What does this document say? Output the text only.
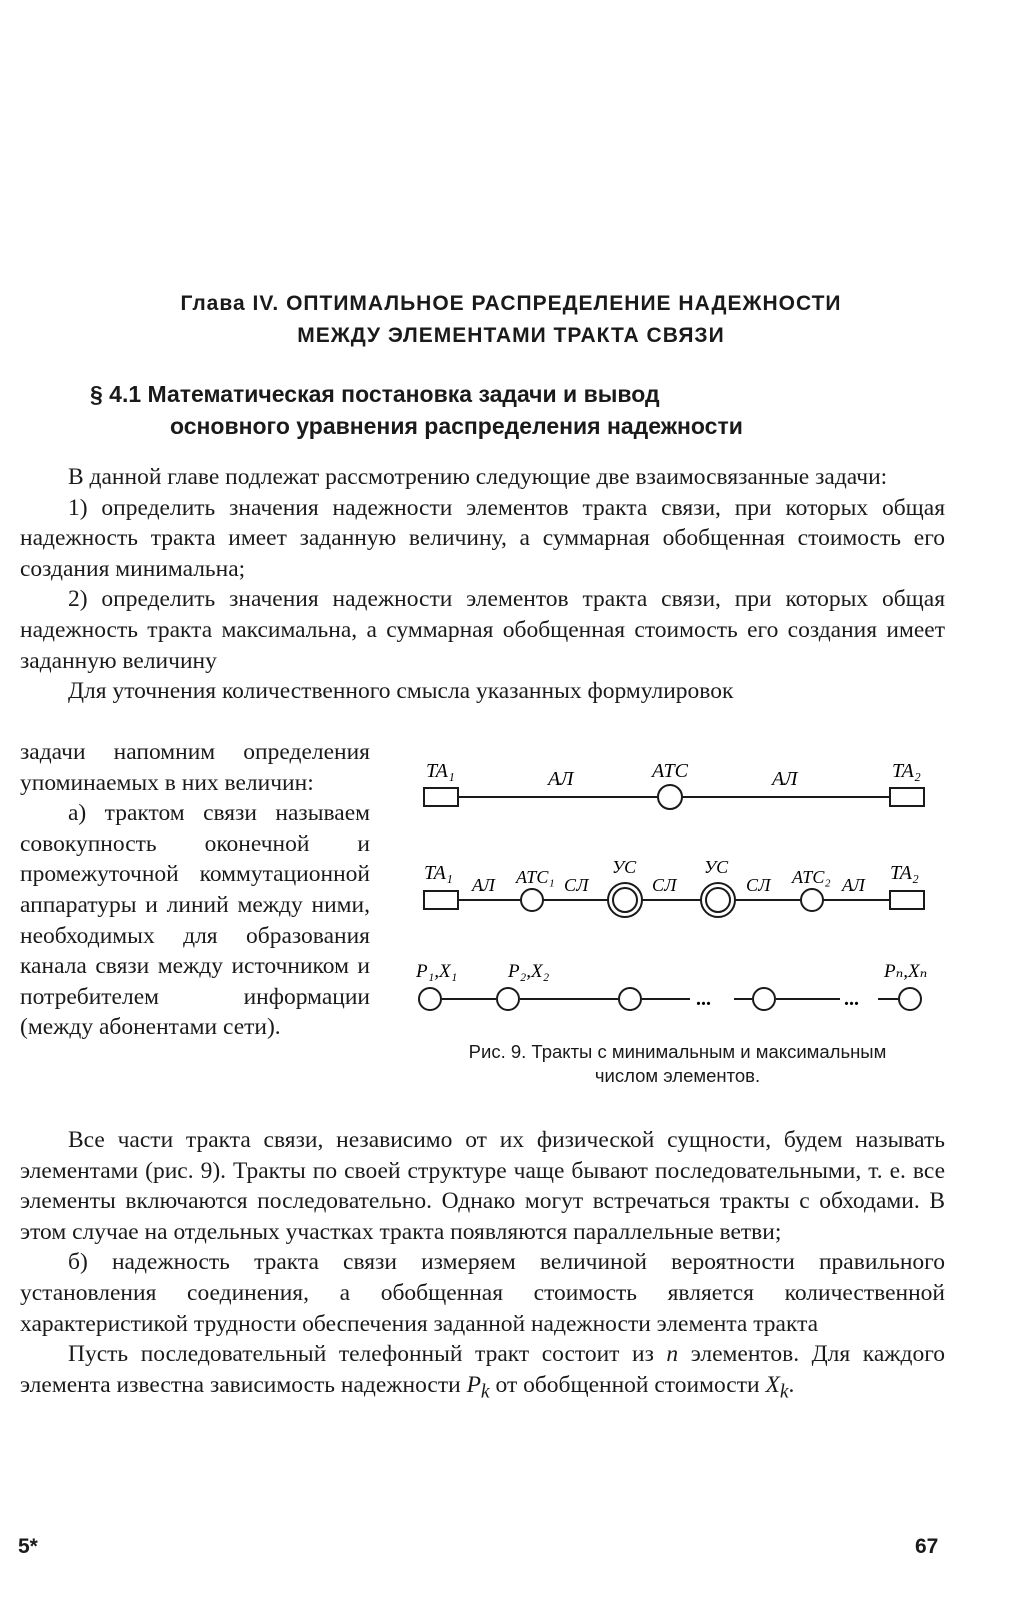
Глава IV. ОПТИМАЛЬНОЕ РАСПРЕДЕЛЕНИЕ НАДЕЖНОСТИ
МЕЖДУ ЭЛЕМЕНТАМИ ТРАКТА СВЯЗИ
§ 4.1 Математическая постановка задачи и вывод
основного уравнения распределения надежности

В данной главе подлежат рассмотрению следующие две взаимосвязанные задачи:

1) определить значения надежности элементов тракта связи, при которых общая надежность тракта имеет заданную величину, а суммарная обобщенная стоимость его создания минимальна;

2) определить значения надежности элементов тракта связи, при которых общая надежность тракта максимальна, а суммарная обобщенная стоимость его создания имеет заданную величину

Для уточнения количественного смысла указанных формулировок

задачи напомним определения упоминаемых в них величин:

а) трактом связи называем совокупность оконечной и промежуточной коммутационной аппаратуры и линий между ними, необходимых для образования канала связи между источником и потребителем информации (между абонентами сети).

TA₁	АЛ	АТС	АЛ	TA₂
TA₁
АЛ АТС₁ СЛ
УС
СЛ
УС
СЛ АТС₂ АЛ
TA₂
...	...
P₁,X₁	P₂,X₂	Pₙ,Xₙ
Рис. 9. Тракты с минимальным и максимальным
числом элементов.

Все части тракта связи, независимо от их физической сущности, будем называть элементами (рис. 9). Тракты по своей структуре чаще бывают последовательными, т. е. все элементы включаются последовательно. Однако могут встречаться тракты с обходами. В этом случае на отдельных участках тракта появляются параллельные ветви;

б) надежность тракта связи измеряем величиной вероятности правильного установления соединения, а обобщенная стоимость является количественной характеристикой трудности обеспечения заданной надежности элемента тракта

Пусть последовательный телефонный тракт состоит из n элементов. Для каждого элемента известна зависимость надежности $P_k$ от обобщенной стоимости $X_k$.

5*	67
